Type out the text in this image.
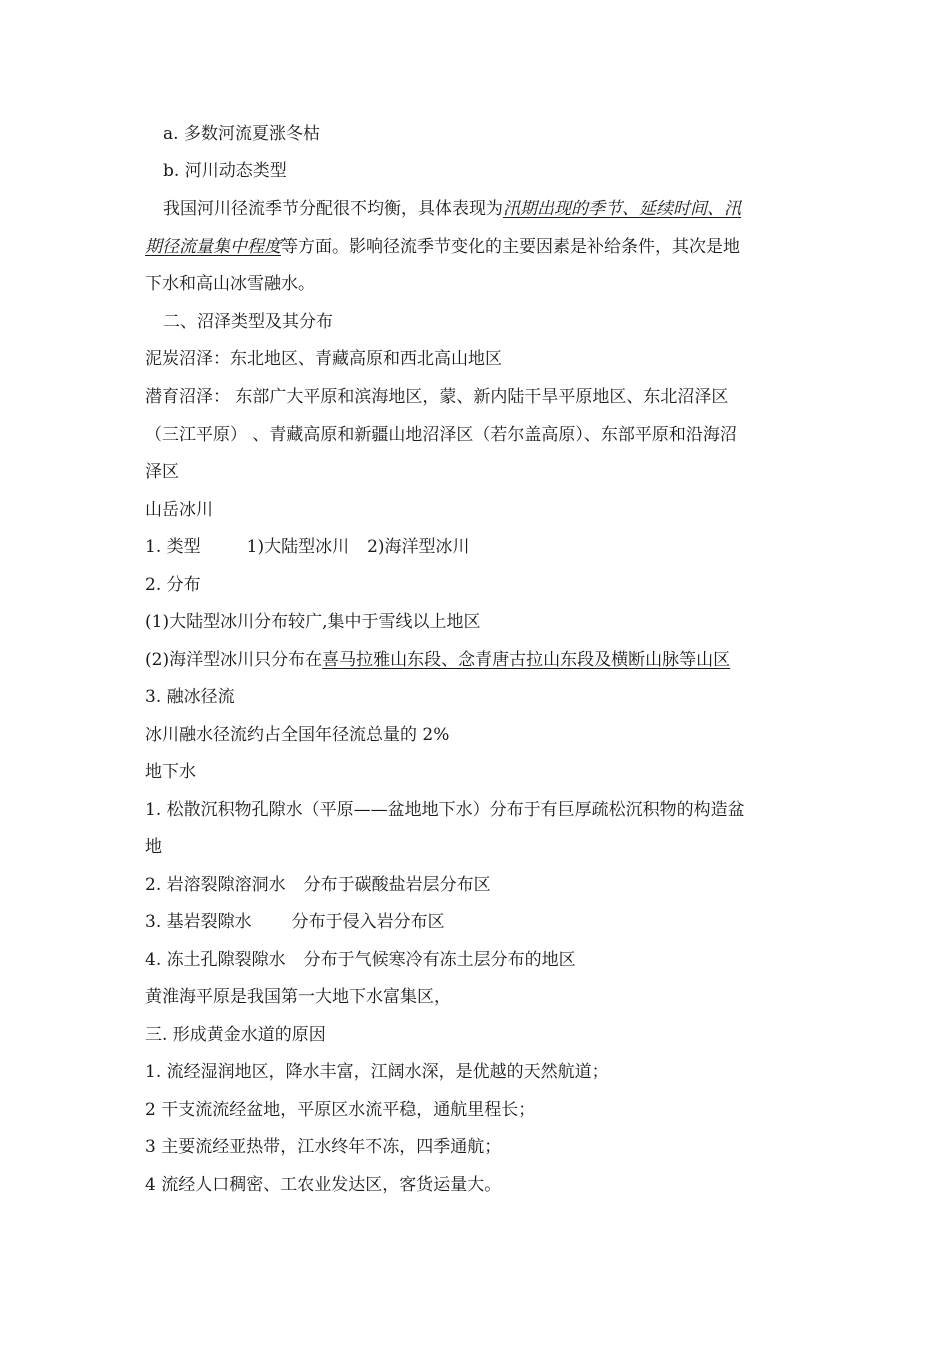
a. 多数河流夏涨冬枯
b. 河川动态类型
我国河川径流季节分配很不均衡，具体表现为汛期出现的季节、延续时间、汛
期径流量集中程度等方面。影响径流季节变化的主要因素是补给条件，其次是地
下水和高山冰雪融水。
二、沼泽类型及其分布
泥炭沼泽：东北地区、青藏高原和西北高山地区
潜育沼泽： 东部广大平原和滨海地区，蒙、新内陆干旱平原地区、东北沼泽区
（三江平原） 、青藏高原和新疆山地沼泽区（若尔盖高原）、东部平原和沿海沼
泽区
山岳冰川
1. 类型	1)大陆型冰川 2)海洋型冰川
2. 分布
(1)大陆型冰川分布较广,集中于雪线以上地区
(2)海洋型冰川只分布在喜马拉雅山东段、念青唐古拉山东段及横断山脉等山区
3. 融冰径流
冰川融水径流约占全国年径流总量的 2%
地下水
1. 松散沉积物孔隙水（平原——盆地地下水）分布于有巨厚疏松沉积物的构造盆
地
2. 岩溶裂隙溶洞水 分布于碳酸盐岩层分布区
3. 基岩裂隙水 分布于侵入岩分布区
4. 冻土孔隙裂隙水 分布于气候寒冷有冻土层分布的地区
黄淮海平原是我国第一大地下水富集区，
三. 形成黄金水道的原因
1. 流经湿润地区，降水丰富，江阔水深，是优越的天然航道；
2 干支流流经盆地，平原区水流平稳，通航里程长；
3 主要流经亚热带，江水终年不冻，四季通航；
4 流经人口稠密、工农业发达区，客货运量大。
